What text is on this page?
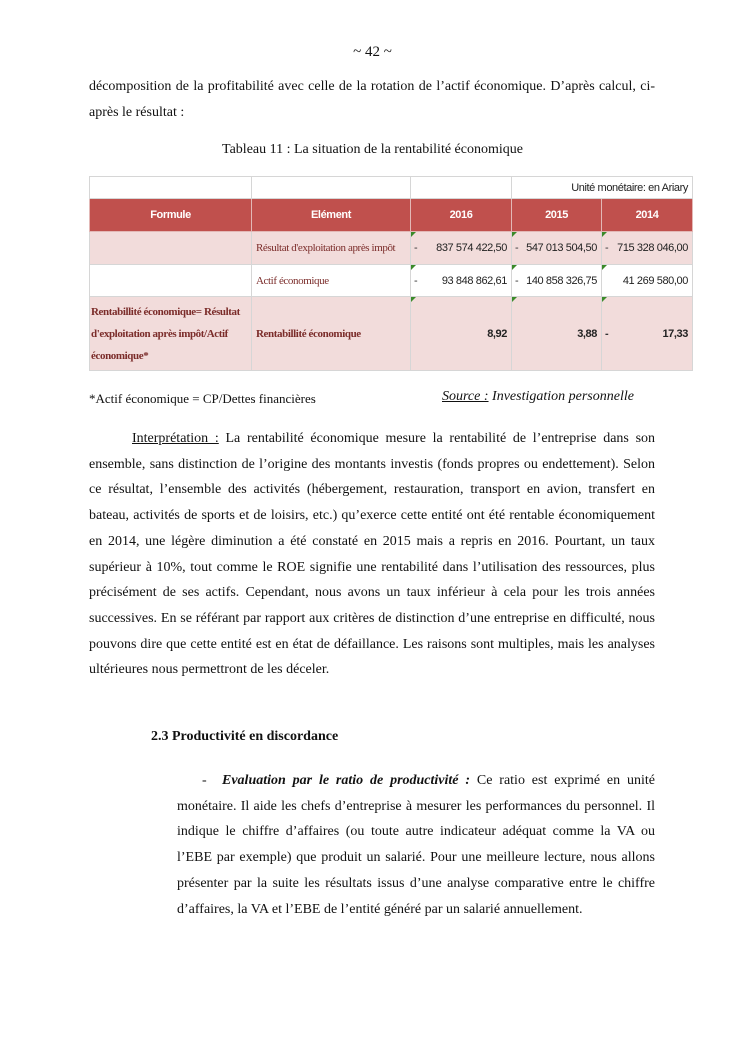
~ 42 ~

décomposition de la profitabilité avec celle de la rotation de l’actif économique. D’après calcul, ci-après le résultat :

Tableau 11 : La situation de la rentabilité économique
			Unité monétaire: en Ariary	
Formule	Elément	2016	2015	2014
	Résultat d'exploitation après impôt	- 837 574 422,50	- 547 013 504,50	- 715 328 046,00
	Actif économique	- 93 848 862,61	- 140 858 326,75	41 269 580,00
Rentabillité économique= Résultat d'exploitation après impôt/Actif économique*	Rentabillité économique	8,92	3,88	- 17,33
*Actif économique = CP/Dettes financières	Source : Investigation personnelle

Interprétation : La rentabilité économique mesure la rentabilité de l’entreprise dans son ensemble, sans distinction de l’origine des montants investis (fonds propres ou endettement). Selon ce résultat, l’ensemble des activités (hébergement, restauration, transport en avion, transfert en bateau, activités de sports et de loisirs, etc.) qu’exerce cette entité ont été rentable économiquement en 2014, une légère diminution a été constaté en 2015 mais a repris en 2016. Pourtant, un taux supérieur à 10%, tout comme le ROE signifie une rentabilité dans l’utilisation des ressources, plus précisément de ses actifs. Cependant, nous avons un taux inférieur à cela pour les trois années successives. En se référant par rapport aux critères de distinction d’une entreprise en difficulté, nous pouvons dire que cette entité est en état de défaillance. Les raisons sont multiples, mais les analyses ultérieures nous permettront de les déceler.

2.3 Productivité en discordance

- Evaluation par le ratio de productivité : Ce ratio est exprimé en unité monétaire. Il aide les chefs d’entreprise à mesurer les performances du personnel. Il indique le chiffre d’affaires (ou toute autre indicateur adéquat comme la VA ou l’EBE par exemple) que produit un salarié. Pour une meilleure lecture, nous allons présenter par la suite les résultats issus d’une analyse comparative entre le chiffre d’affaires, la VA et l’EBE de l’entité généré par un salarié annuellement.
